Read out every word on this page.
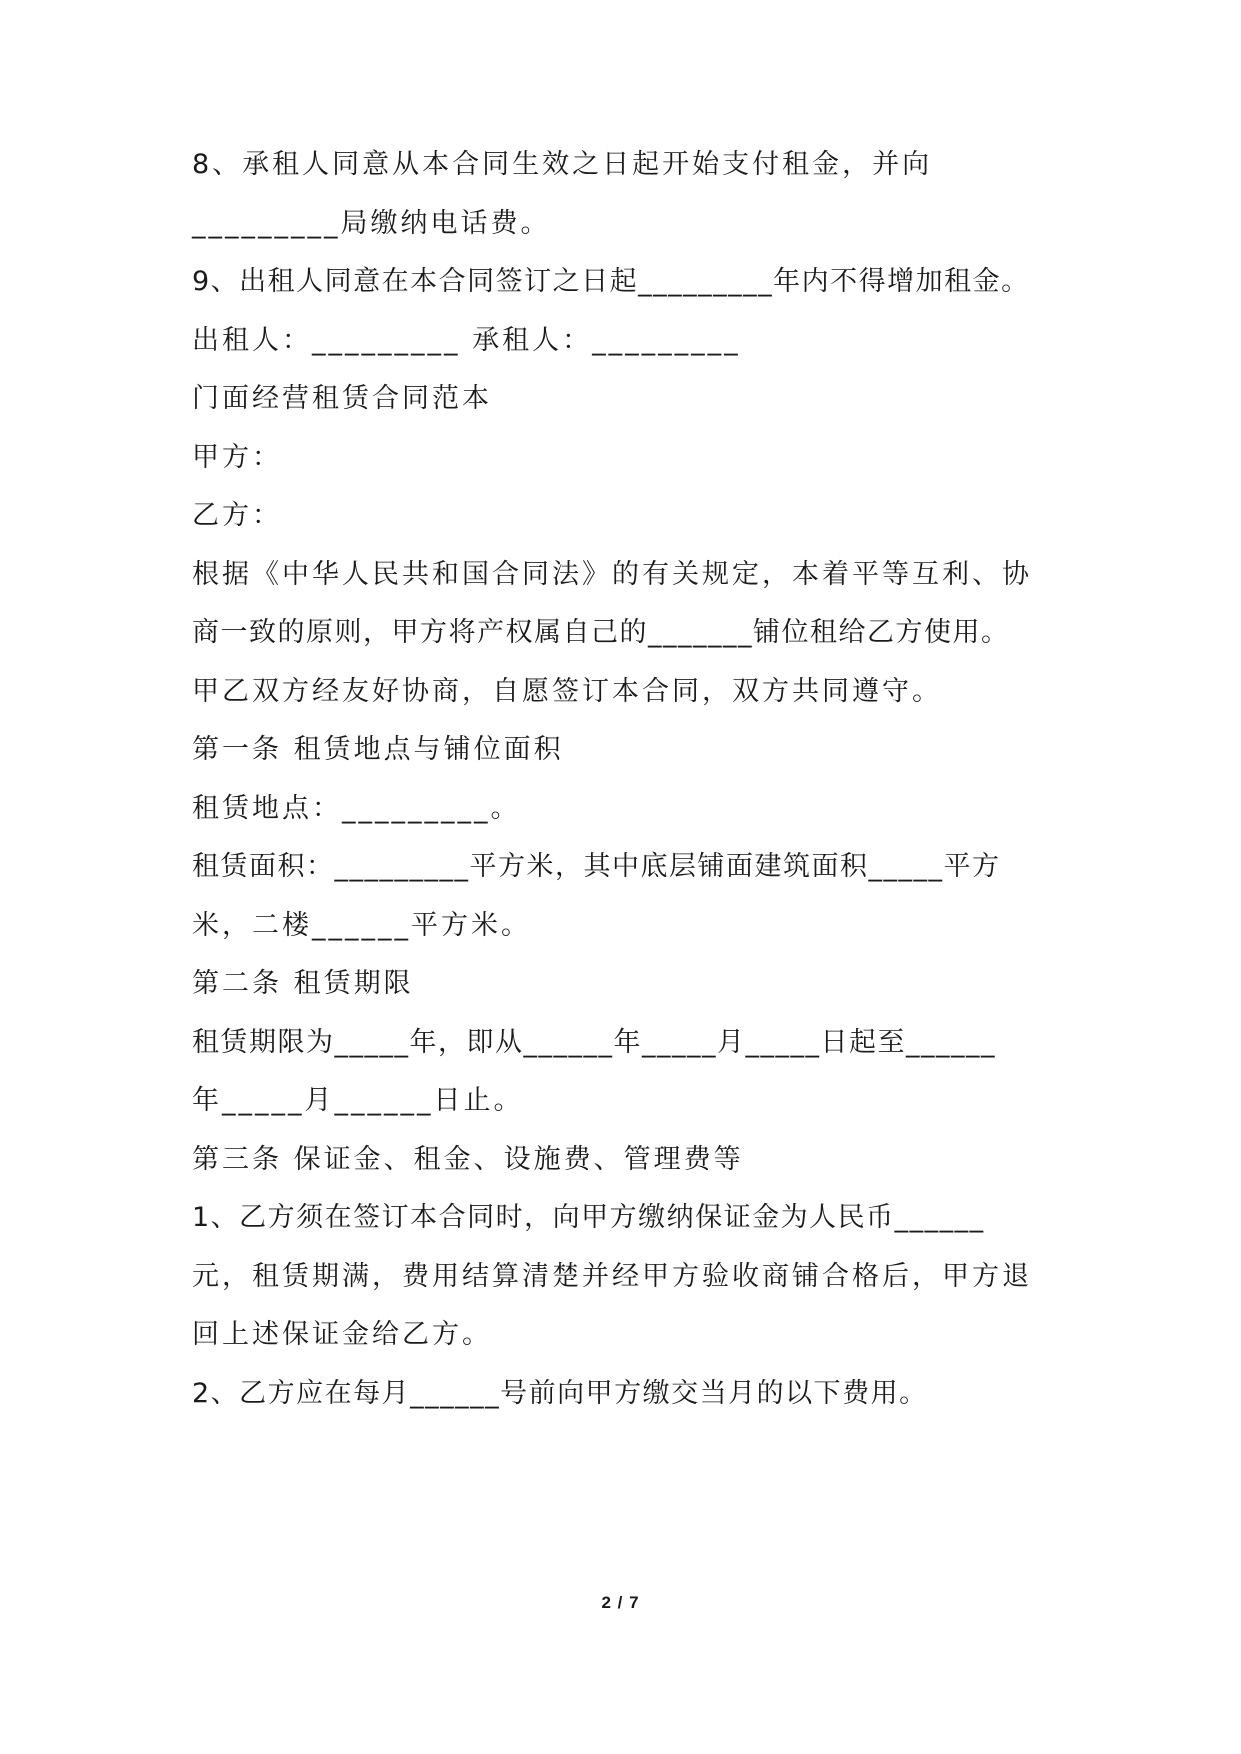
8、承租人同意从本合同生效之日起开始支付租金，并向
_________局缴纳电话费。
9、出租人同意在本合同签订之日起_________年内不得增加租金。
出租人：_________ 承租人：_________
门面经营租赁合同范本
甲方：
乙方：
根据《中华人民共和国合同法》的有关规定，本着平等互利、协
商一致的原则，甲方将产权属自己的_______铺位租给乙方使用。
甲乙双方经友好协商，自愿签订本合同，双方共同遵守。
第一条 租赁地点与铺位面积
租赁地点：_________。
租赁面积：_________平方米，其中底层铺面建筑面积_____平方
米，二楼______平方米。
第二条 租赁期限
租赁期限为_____年，即从______年_____月_____日起至______
年_____月______日止。
第三条 保证金、租金、设施费、管理费等
1、乙方须在签订本合同时，向甲方缴纳保证金为人民币______
元，租赁期满，费用结算清楚并经甲方验收商铺合格后，甲方退
回上述保证金给乙方。
2、乙方应在每月______号前向甲方缴交当月的以下费用。
2 / 7
